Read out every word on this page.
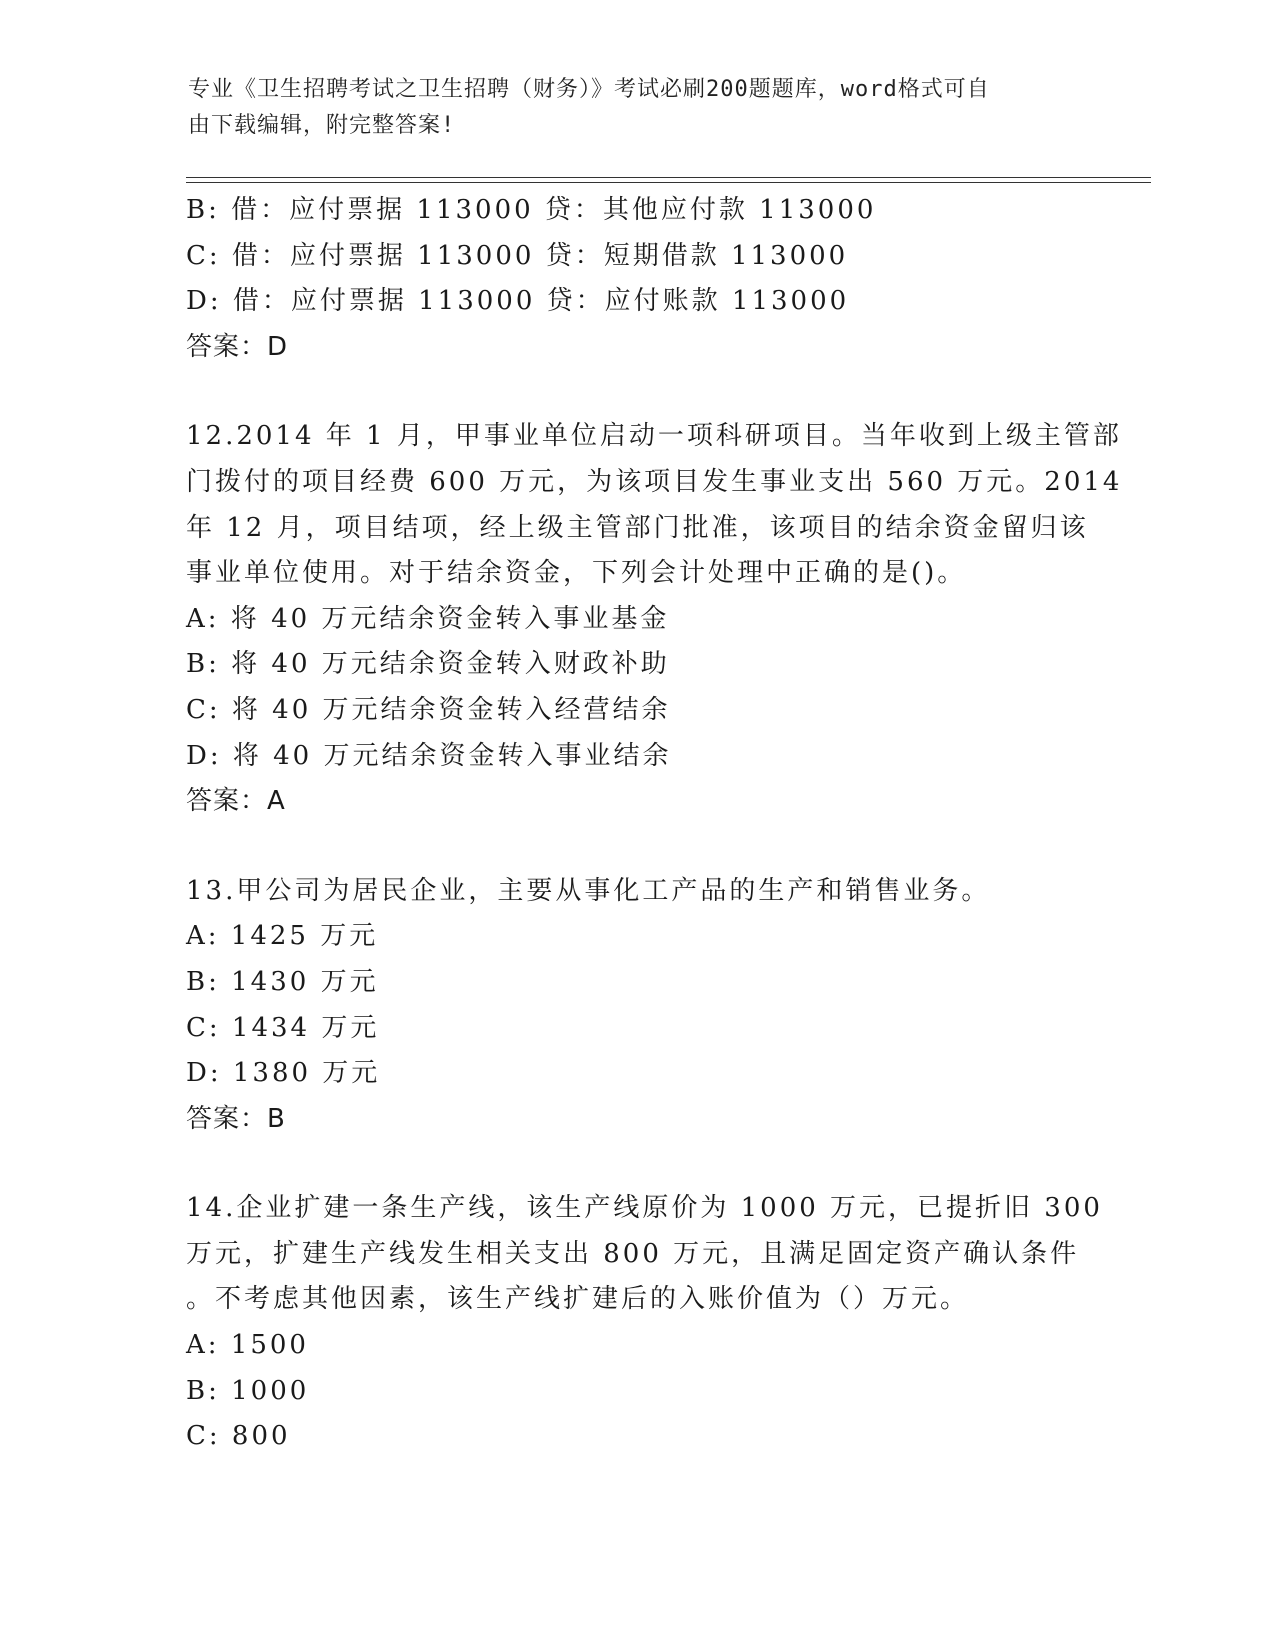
专业《卫生招聘考试之卫生招聘（财务）》考试必刷200题题库，word格式可自
由下载编辑，附完整答案!
B: 借：应付票据 113000 贷：其他应付款 113000
C: 借：应付票据 113000 贷：短期借款 113000
D: 借：应付票据 113000 贷：应付账款 113000
答案：D
12.2014 年 1 月，甲事业单位启动一项科研项目。当年收到上级主管部
门拨付的项目经费 600 万元，为该项目发生事业支出 560 万元。2014
年 12 月，项目结项，经上级主管部门批准，该项目的结余资金留归该
事业单位使用。对于结余资金，下列会计处理中正确的是()。
A: 将 40 万元结余资金转入事业基金
B: 将 40 万元结余资金转入财政补助
C: 将 40 万元结余资金转入经营结余
D: 将 40 万元结余资金转入事业结余
答案：A
13.甲公司为居民企业，主要从事化工产品的生产和销售业务。
A: 1425 万元
B: 1430 万元
C: 1434 万元
D: 1380 万元
答案：B
14.企业扩建一条生产线，该生产线原价为 1000 万元，已提折旧 300
万元，扩建生产线发生相关支出 800 万元，且满足固定资产确认条件
。不考虑其他因素，该生产线扩建后的入账价值为（）万元。
A: 1500
B: 1000
C: 800
